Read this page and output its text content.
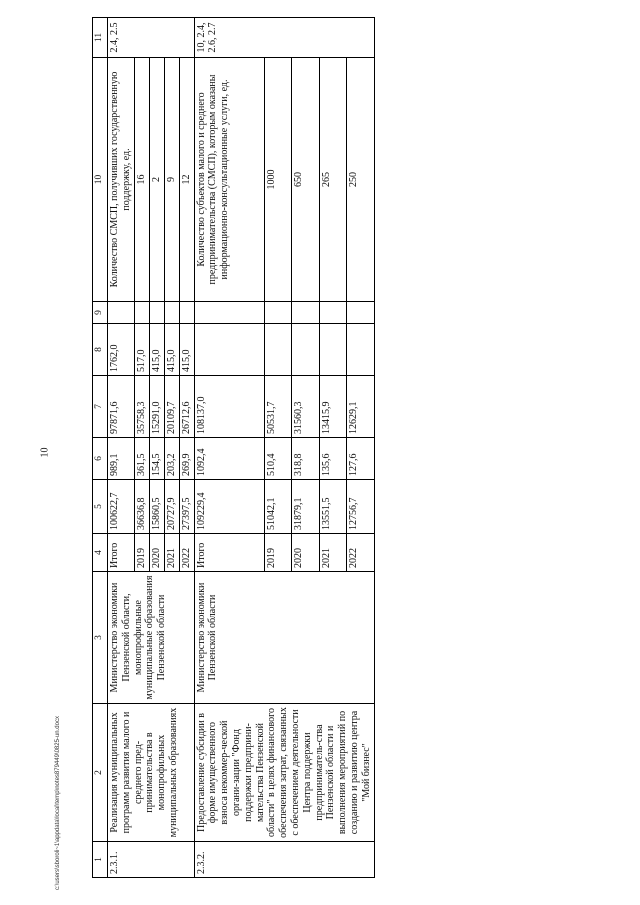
10
c:\users\sboroli~1\appdata\local\temp\notes879449\0825-un.docx	1	2	3	4	5	6	7	8	9	10	11
2.3.1.	Реализация муниципальных программ развития малого и среднего пред-принимательства в монопрофильных муниципальных образованиях	Министерство экономики Пензенской области, монопрофильные муниципальные образования Пензенской области	Итого	100622,7	989,1	97871,6	1762,0		Количество СМСП, получивших государственную поддержку, ед.	2.4, 2.5
			2019	36636,8	361,5	35758,3	517,0		16	
			2020	15860,5	154,5	15291,0	415,0		2	
			2021	20727,9	203,2	20109,7	415,0		9	
			2022	27397,5	269,9	26712,6	415,0		12	
2.3.2.	Предоставление субсидии в форме имущественного взноса некоммер-ческой органи-зации "Фонд поддержки предприни-мательства Пензенской области" в целях финансового обеспечения затрат, связанных с обеспечением деятельности Центра поддержки предприниматель-ства Пензенской области и выполнения мероприятий по созданию и развитию центра "Мой бизнес"	Министерство экономики Пензенской области	Итого	109229,4	1092,4	108137,0			Количество субъектов малого и среднего предпринимательства (СМСП), которым оказаны информационно-консультационные услуги, ед.	10, 2.4, 2.6, 2.7
			2019	51042,1	510,4	50531,7			1000	
			2020	31879,1	318,8	31560,3			650	
			2021	13551,5	135,6	13415,9			265	
			2022	12756,7	127,6	12629,1			250	
